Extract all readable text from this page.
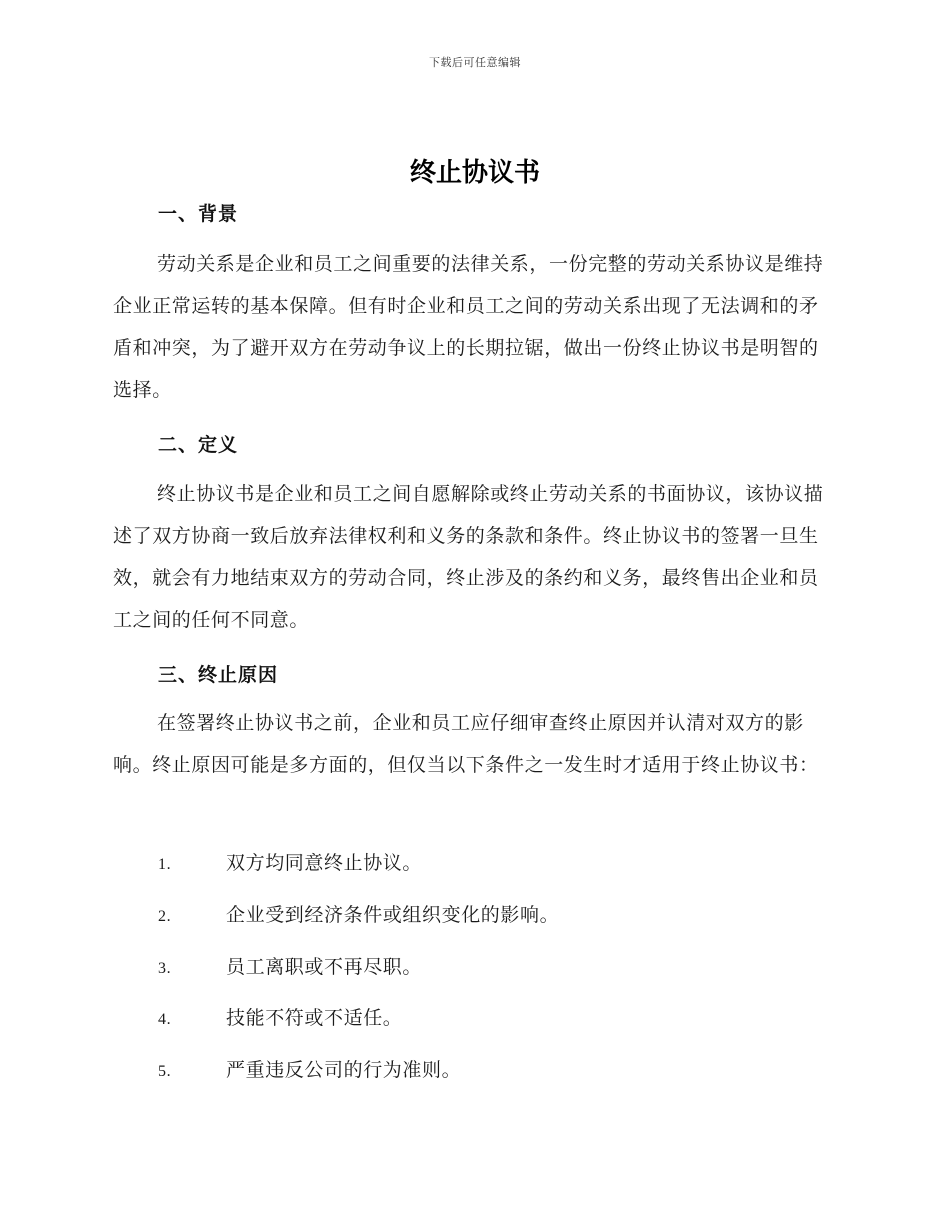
下载后可任意编辑
终止协议书
一、背景

劳动关系是企业和员工之间重要的法律关系，一份完整的劳动关系协议是维持企业正常运转的基本保障。但有时企业和员工之间的劳动关系出现了无法调和的矛盾和冲突，为了避开双方在劳动争议上的长期拉锯，做出一份终止协议书是明智的选择。

二、定义

终止协议书是企业和员工之间自愿解除或终止劳动关系的书面协议，该协议描述了双方协商一致后放弃法律权利和义务的条款和条件。终止协议书的签署一旦生效，就会有力地结束双方的劳动合同，终止涉及的条约和义务，最终售出企业和员工之间的任何不同意。

三、终止原因

在签署终止协议书之前，企业和员工应仔细审查终止原因并认清对双方的影响。终止原因可能是多方面的，但仅当以下条件之一发生时才适用于终止协议书：

1.	双方均同意终止协议。
2.	企业受到经济条件或组织变化的影响。
3.	员工离职或不再尽职。
4.	技能不符或不适任。
5.	严重违反公司的行为准则。
